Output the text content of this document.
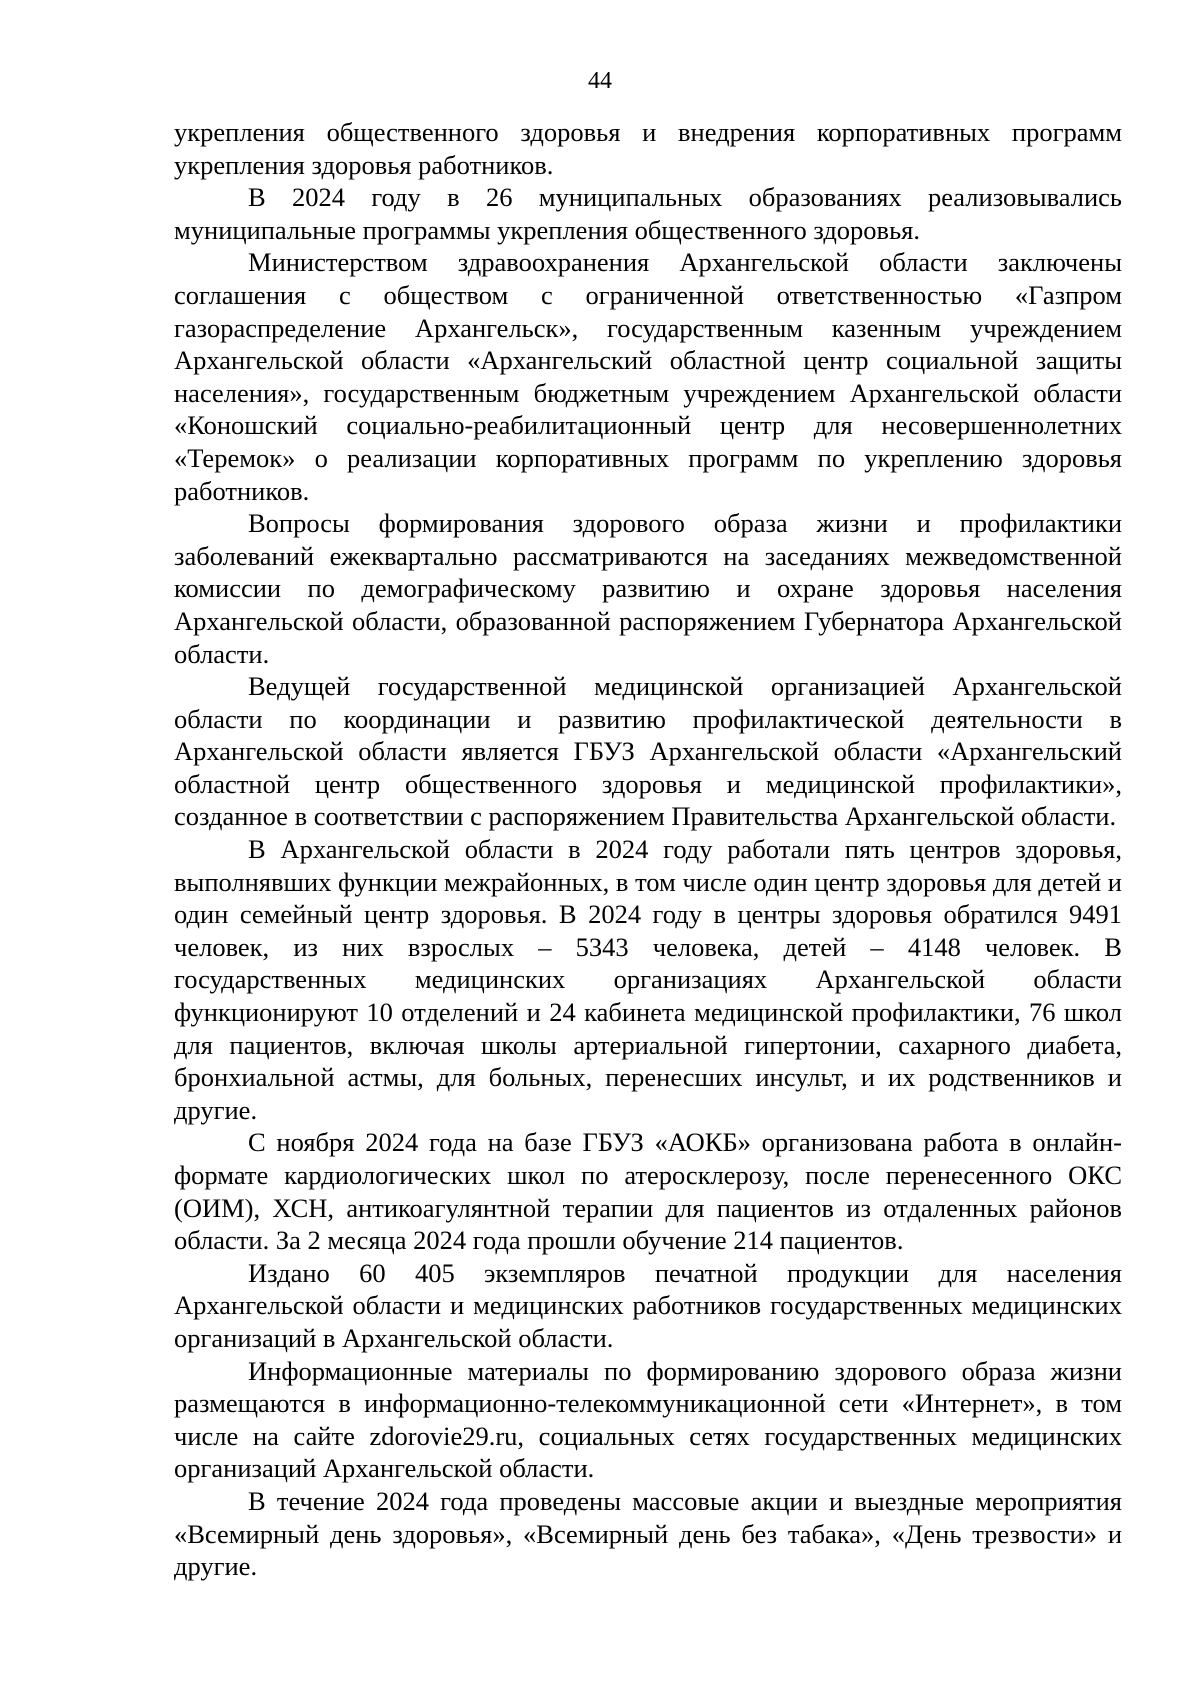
44

укрепления общественного здоровья и внедрения корпоративных программ укрепления здоровья работников.

В 2024 году в 26 муниципальных образованиях реализовывались муниципальные программы укрепления общественного здоровья.

Министерством здравоохранения Архангельской области заключены соглашения с обществом с ограниченной ответственностью «Газпром газораспределение Архангельск», государственным казенным учреждением Архангельской области «Архангельский областной центр социальной защиты населения», государственным бюджетным учреждением Архангельской области «Коношский социально-реабилитационный центр для несовершеннолетних «Теремок» о реализации корпоративных программ по укреплению здоровья работников.

Вопросы формирования здорового образа жизни и профилактики заболеваний ежеквартально рассматриваются на заседаниях межведомственной комиссии по демографическому развитию и охране здоровья населения Архангельской области, образованной распоряжением Губернатора Архангельской области.

Ведущей государственной медицинской организацией Архангельской области по координации и развитию профилактической деятельности в Архангельской области является ГБУЗ Архангельской области «Архангельский областной центр общественного здоровья и медицинской профилактики», созданное в соответствии с распоряжением Правительства Архангельской области.

В Архангельской области в 2024 году работали пять центров здоровья, выполнявших функции межрайонных, в том числе один центр здоровья для детей и один семейный центр здоровья. В 2024 году в центры здоровья обратился 9491 человек, из них взрослых – 5343 человека, детей – 4148 человек. В государственных медицинских организациях Архангельской области функционируют 10 отделений и 24 кабинета медицинской профилактики, 76 школ для пациентов, включая школы артериальной гипертонии, сахарного диабета, бронхиальной астмы, для больных, перенесших инсульт, и их родственников и другие.

С ноября 2024 года на базе ГБУЗ «АОКБ» организована работа в онлайн-формате кардиологических школ по атеросклерозу, после перенесенного ОКС (ОИМ), ХСН, антикоагулянтной терапии для пациентов из отдаленных районов области. За 2 месяца 2024 года прошли обучение 214 пациентов.

Издано 60 405 экземпляров печатной продукции для населения Архангельской области и медицинских работников государственных медицинских организаций в Архангельской области.

Информационные материалы по формированию здорового образа жизни размещаются в информационно-телекоммуникационной сети «Интернет», в том числе на сайте zdorovie29.ru, социальных сетях государственных медицинских организаций Архангельской области.

В течение 2024 года проведены массовые акции и выездные мероприятия «Всемирный день здоровья», «Всемирный день без табака», «День трезвости» и другие.
